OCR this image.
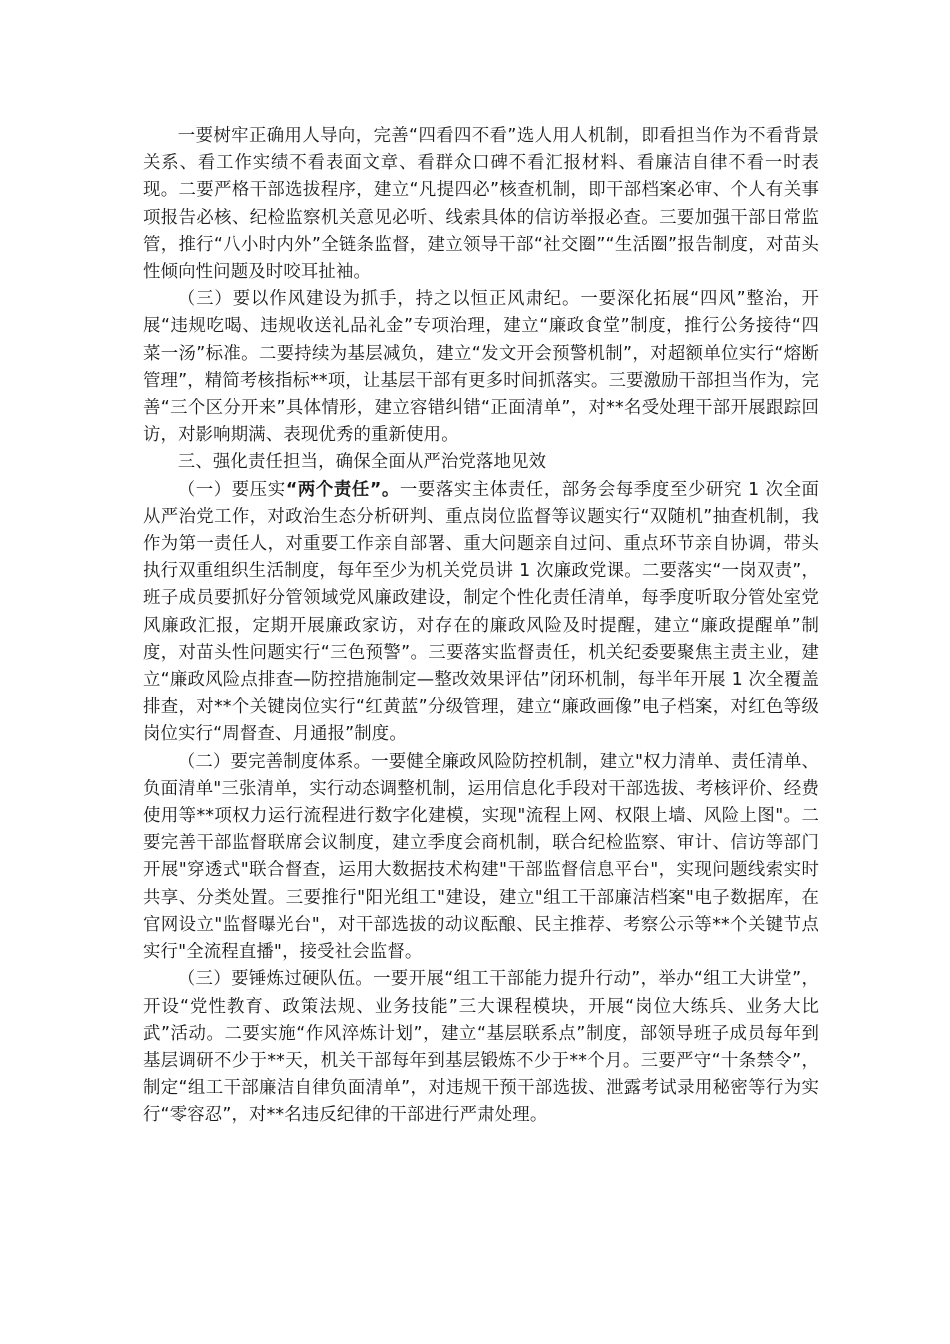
一要树牢正确用人导向，完善“四看四不看”选人用人机制，即看担当作为不看背景关系、看工作实绩不看表面文章、看群众口碑不看汇报材料、看廉洁自律不看一时表现。二要严格干部选拔程序，建立“凡提四必”核查机制，即干部档案必审、个人有关事项报告必核、纪检监察机关意见必听、线索具体的信访举报必查。三要加强干部日常监管，推行“八小时内外”全链条监督，建立领导干部“社交圈”“生活圈”报告制度，对苗头性倾向性问题及时咬耳扯袖。

（三）要以作风建设为抓手，持之以恒正风肃纪。一要深化拓展“四风”整治，开展“违规吃喝、违规收送礼品礼金”专项治理，建立“廉政食堂”制度，推行公务接待“四菜一汤”标准。二要持续为基层减负，建立“发文开会预警机制”，对超额单位实行“熔断管理”，精简考核指标**项，让基层干部有更多时间抓落实。三要激励干部担当作为，完善“三个区分开来”具体情形，建立容错纠错“正面清单”，对**名受处理干部开展跟踪回访，对影响期满、表现优秀的重新使用。

三、强化责任担当，确保全面从严治党落地见效

（一）要压实“两个责任”。一要落实主体责任，部务会每季度至少研究 1 次全面从严治党工作，对政治生态分析研判、重点岗位监督等议题实行“双随机”抽查机制，我作为第一责任人，对重要工作亲自部署、重大问题亲自过问、重点环节亲自协调，带头执行双重组织生活制度，每年至少为机关党员讲 1 次廉政党课。二要落实“一岗双责”，班子成员要抓好分管领域党风廉政建设，制定个性化责任清单，每季度听取分管处室党风廉政汇报，定期开展廉政家访，对存在的廉政风险及时提醒，建立“廉政提醒单”制度，对苗头性问题实行“三色预警”。三要落实监督责任，机关纪委要聚焦主责主业，建立“廉政风险点排查—防控措施制定—整改效果评估”闭环机制，每半年开展 1 次全覆盖排查，对**个关键岗位实行“红黄蓝”分级管理，建立“廉政画像”电子档案，对红色等级岗位实行“周督查、月通报”制度。

（二）要完善制度体系。一要健全廉政风险防控机制，建立"权力清单、责任清单、负面清单"三张清单，实行动态调整机制，运用信息化手段对干部选拔、考核评价、经费使用等**项权力运行流程进行数字化建模，实现"流程上网、权限上墙、风险上图"。二要完善干部监督联席会议制度，建立季度会商机制，联合纪检监察、审计、信访等部门开展"穿透式"联合督查，运用大数据技术构建"干部监督信息平台"，实现问题线索实时共享、分类处置。三要推行"阳光组工"建设，建立"组工干部廉洁档案"电子数据库，在官网设立"监督曝光台"，对干部选拔的动议酝酿、民主推荐、考察公示等**个关键节点实行"全流程直播"，接受社会监督。

（三）要锤炼过硬队伍。一要开展“组工干部能力提升行动”，举办“组工大讲堂”，开设“党性教育、政策法规、业务技能”三大课程模块，开展“岗位大练兵、业务大比武”活动。二要实施“作风淬炼计划”，建立“基层联系点”制度，部领导班子成员每年到基层调研不少于**天，机关干部每年到基层锻炼不少于**个月。三要严守“十条禁令”，制定“组工干部廉洁自律负面清单”，对违规干预干部选拔、泄露考试录用秘密等行为实行“零容忍”，对**名违反纪律的干部进行严肃处理。
